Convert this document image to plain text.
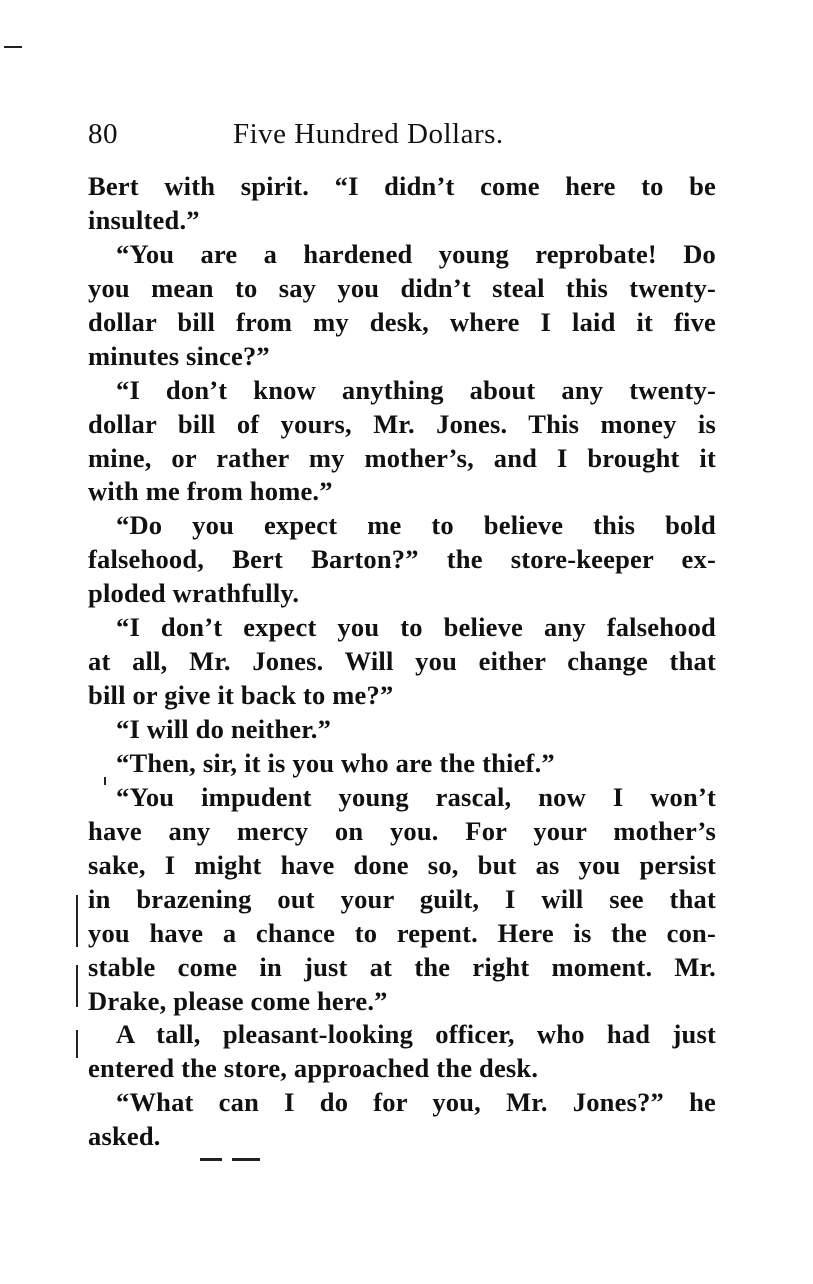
80	Five Hundred Dollars.
Bert with spirit. “I didn’t come here to be
insulted.”
“You are a hardened young reprobate! Do
you mean to say you didn’t steal this twenty-
dollar bill from my desk, where I laid it five
minutes since?”
“I don’t know anything about any twenty-
dollar bill of yours, Mr. Jones. This money is
mine, or rather my mother’s, and I brought it
with me from home.”
“Do you expect me to believe this bold
falsehood, Bert Barton?” the store-keeper ex-
ploded wrathfully.
“I don’t expect you to believe any falsehood
at all, Mr. Jones. Will you either change that
bill or give it back to me?”
“I will do neither.”
“Then, sir, it is you who are the thief.”
“You impudent young rascal, now I won’t
have any mercy on you. For your mother’s
sake, I might have done so, but as you persist
in brazening out your guilt, I will see that
you have a chance to repent. Here is the con-
stable come in just at the right moment. Mr.
Drake, please come here.”
A tall, pleasant-looking officer, who had just
entered the store, approached the desk.
“What can I do for you, Mr. Jones?” he
asked.
